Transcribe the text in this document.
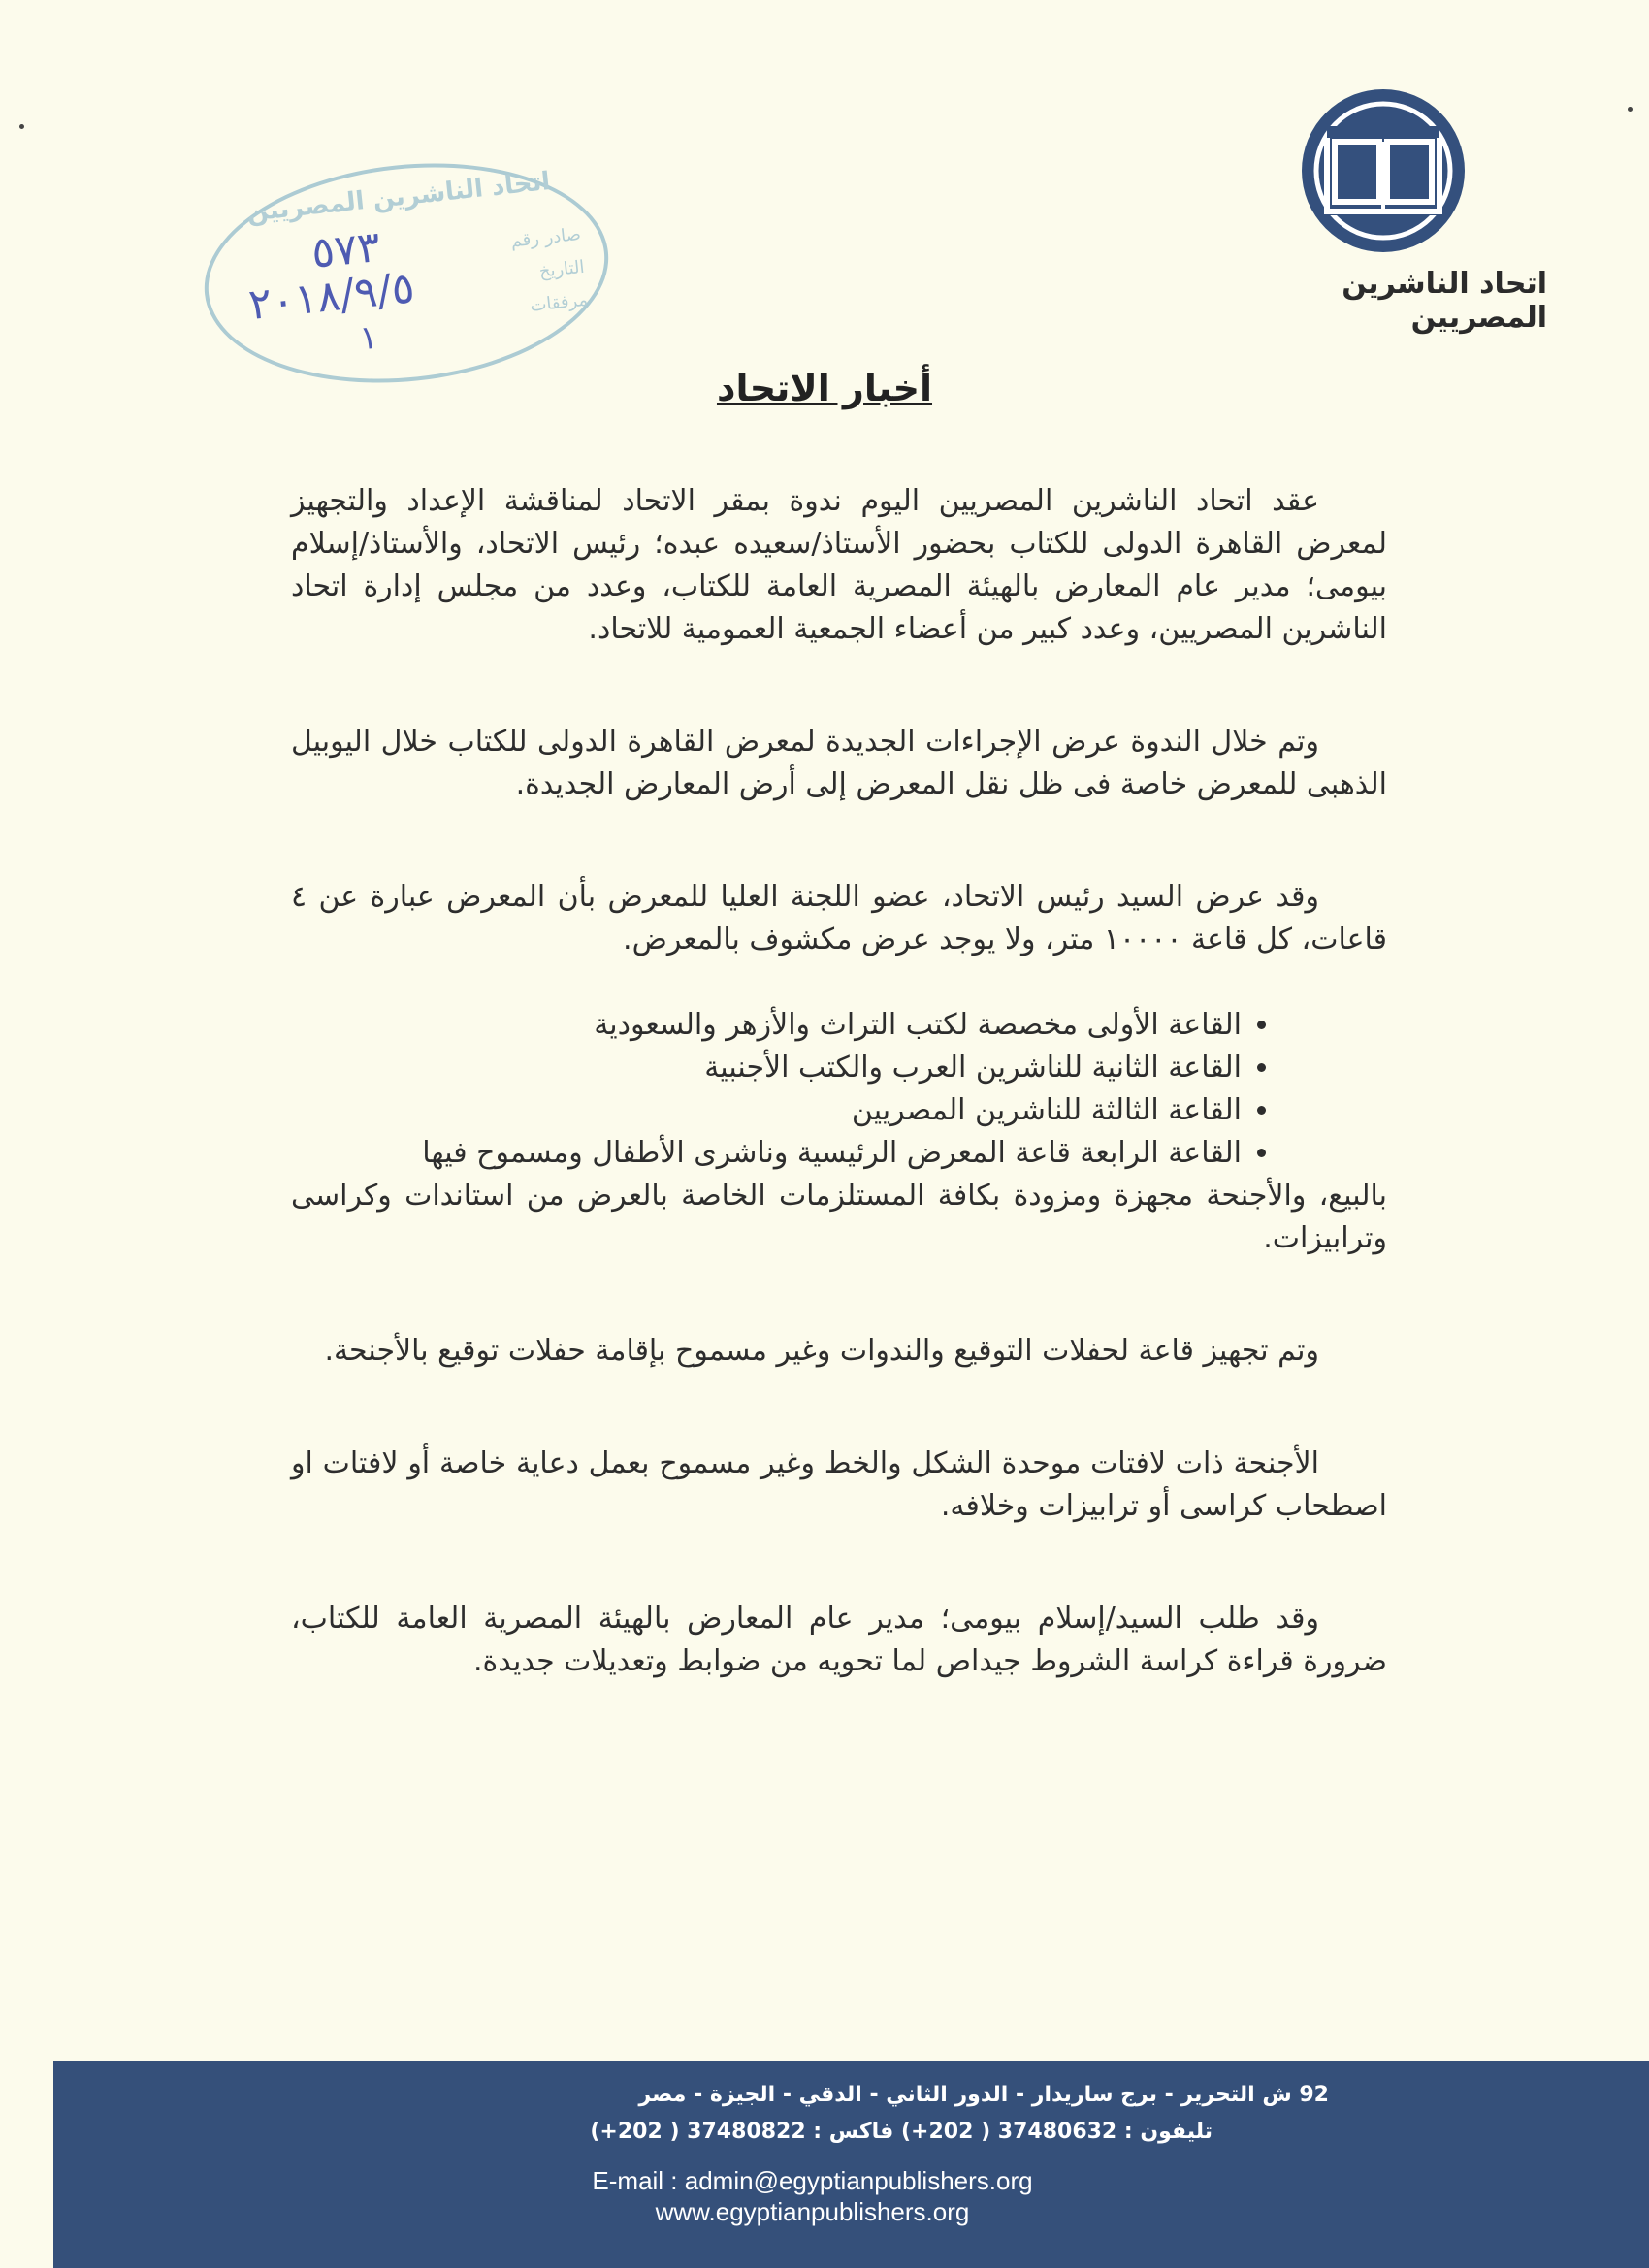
اتحاد الناشرين المصريين
اتحاد الناشرين المصريين
صادر رقم
التاريخ
مرفقات
٥٧٣
٢٠١٨/٩/٥
١
أخبار الاتحاد

عقد اتحاد الناشرين المصريين اليوم ندوة بمقر الاتحاد لمناقشة الإعداد والتجهيز لمعرض القاهرة الدولى للكتاب بحضور الأستاذ/سعيده عبده؛ رئيس الاتحاد، والأستاذ/إسلام بيومى؛ مدير عام المعارض بالهيئة المصرية العامة للكتاب، وعدد من مجلس إدارة اتحاد الناشرين المصريين، وعدد كبير من أعضاء الجمعية العمومية للاتحاد.

وتم خلال الندوة عرض الإجراءات الجديدة لمعرض القاهرة الدولى للكتاب خلال اليوبيل الذهبى للمعرض خاصة فى ظل نقل المعرض إلى أرض المعارض الجديدة.

وقد عرض السيد رئيس الاتحاد، عضو اللجنة العليا للمعرض بأن المعرض عبارة عن ٤ قاعات، كل قاعة ١٠٠٠٠ متر، ولا يوجد عرض مكشوف بالمعرض.

• القاعة الأولى مخصصة لكتب التراث والأزهر والسعودية
• القاعة الثانية للناشرين العرب والكتب الأجنبية
• القاعة الثالثة للناشرين المصريين
• القاعة الرابعة قاعة المعرض الرئيسية وناشرى الأطفال ومسموح فيها

بالبيع، والأجنحة مجهزة ومزودة بكافة المستلزمات الخاصة بالعرض من استاندات وكراسى وترابيزات.

وتم تجهيز قاعة لحفلات التوقيع والندوات وغير مسموح بإقامة حفلات توقيع بالأجنحة.

الأجنحة ذات لافتات موحدة الشكل والخط وغير مسموح بعمل دعاية خاصة أو لافتات او اصطحاب كراسى أو ترابيزات وخلافه.

وقد طلب السيد/إسلام بيومى؛ مدير عام المعارض بالهيئة المصرية العامة للكتاب، ضرورة قراءة كراسة الشروط جيداص لما تحويه من ضوابط وتعديلات جديدة.

92 ش التحرير - برج ساريدار - الدور الثاني - الدقي - الجيزة - مصر
تليفون : 37480632 ( 202+) فاكس : 37480822 ( 202+)
E-mail : admin@egyptianpublishers.org
www.egyptianpublishers.org
